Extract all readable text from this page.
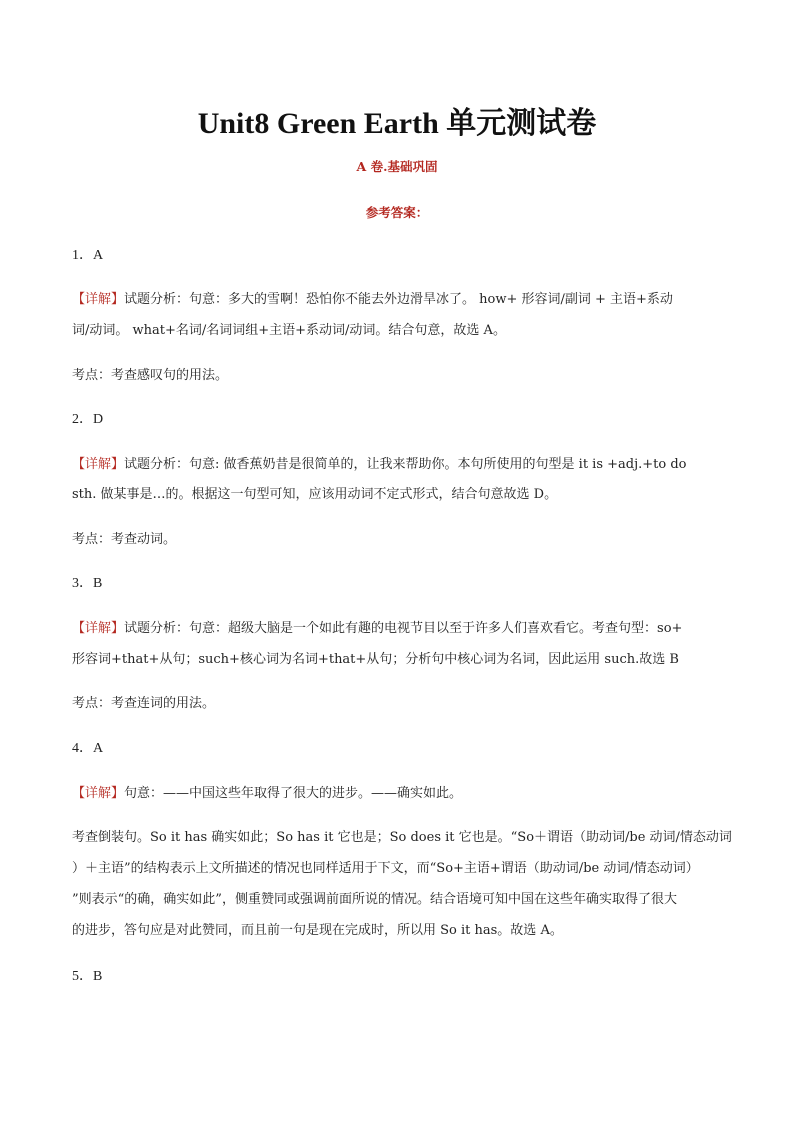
Unit8 Green Earth 单元测试卷
A 卷.基础巩固
参考答案：
1．A
【详解】试题分析：句意：多大的雪啊！恐怕你不能去外边滑旱冰了。 how+ 形容词/副词 + 主语+系动
词/动词。 what+名词/名词词组+主语+系动词/动词。结合句意，故选 A。
考点：考查感叹句的用法。
2．D
【详解】试题分析：句意: 做香蕉奶昔是很简单的，让我来帮助你。本句所使用的句型是 it is +adj.+to do
sth. 做某事是…的。根据这一句型可知，应该用动词不定式形式，结合句意故选 D。
考点：考查动词。
3．B
【详解】试题分析：句意：超级大脑是一个如此有趣的电视节目以至于许多人们喜欢看它。考查句型：so+
形容词+that+从句；such+核心词为名词+that+从句；分析句中核心词为名词，因此运用 such.故选 B
考点：考查连词的用法。
4．A
【详解】句意：——中国这些年取得了很大的进步。——确实如此。
考查倒装句。So it has 确实如此；So has it 它也是；So does it 它也是。“So＋谓语（助动词/be 动词/情态动词
）＋主语”的结构表示上文所描述的情况也同样适用于下文，而“So+主语+谓语（助动词/be 动词/情态动词）
”则表示“的确，确实如此”，侧重赞同或强调前面所说的情况。结合语境可知中国在这些年确实取得了很大
的进步，答句应是对此赞同，而且前一句是现在完成时，所以用 So it has。故选 A。
5．B
